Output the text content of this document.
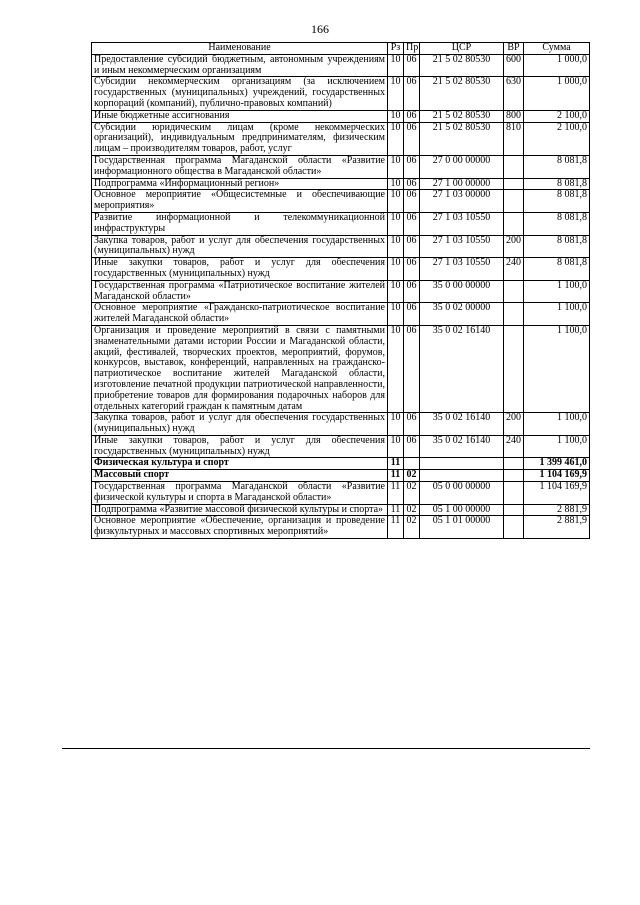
166
Наименование	Рз	Пр	ЦСР	ВР	Сумма
Предоставление субсидий бюджетным, автономным учреждениям и иным некоммерческим организациям	10	06	21 5 02 80530	600	1 000,0
Субсидии некоммерческим организациям (за исключением государственных (муниципальных) учреждений, государственных корпораций (компаний), публично-правовых компаний)	10	06	21 5 02 80530	630	1 000,0
Иные бюджетные ассигнования	10	06	21 5 02 80530	800	2 100,0
Субсидии юридическим лицам (кроме некоммерческих организаций), индивидуальным предпринимателям, физическим лицам – производителям товаров, работ, услуг	10	06	21 5 02 80530	810	2 100,0
Государственная программа Магаданской области «Развитие информационного общества в Магаданской области»	10	06	27 0 00 00000		8 081,8
Подпрограмма «Информационный регион»	10	06	27 1 00 00000		8 081,8
Основное мероприятие «Общесистемные и обеспечивающие мероприятия»	10	06	27 1 03 00000		8 081,8
Развитие информационной и телекоммуникационной инфраструктуры	10	06	27 1 03 10550		8 081,8
Закупка товаров, работ и услуг для обеспечения государственных (муниципальных) нужд	10	06	27 1 03 10550	200	8 081,8
Иные закупки товаров, работ и услуг для обеспечения государственных (муниципальных) нужд	10	06	27 1 03 10550	240	8 081,8
Государственная программа «Патриотическое воспитание жителей Магаданской области»	10	06	35 0 00 00000		1 100,0
Основное мероприятие «Гражданско-патриотическое воспитание жителей Магаданской области»	10	06	35 0 02 00000		1 100,0
Организация и проведение мероприятий в связи с памятными знаменательными датами истории России и Магаданской области, акций, фестивалей, творческих проектов, мероприятий, форумов, конкурсов, выставок, конференций, направленных на гражданско-патриотическое воспитание жителей Магаданской области, изготовление печатной продукции патриотической направленности, приобретение товаров для формирования подарочных наборов для отдельных категорий граждан к памятным датам	10	06	35 0 02 16140		1 100,0
Закупка товаров, работ и услуг для обеспечения государственных (муниципальных) нужд	10	06	35 0 02 16140	200	1 100,0
Иные закупки товаров, работ и услуг для обеспечения государственных (муниципальных) нужд	10	06	35 0 02 16140	240	1 100,0
Физическая культура и спорт	11				1 399 461,0
Массовый спорт	11	02			1 104 169,9
Государственная программа Магаданской области «Развитие физической культуры и спорта в Магаданской области»	11	02	05 0 00 00000		1 104 169,9
Подпрограмма «Развитие массовой физической культуры и спорта»	11	02	05 1 00 00000		2 881,9
Основное мероприятие «Обеспечение, организация и проведение физкультурных и массовых спортивных мероприятий»	11	02	05 1 01 00000		2 881,9
